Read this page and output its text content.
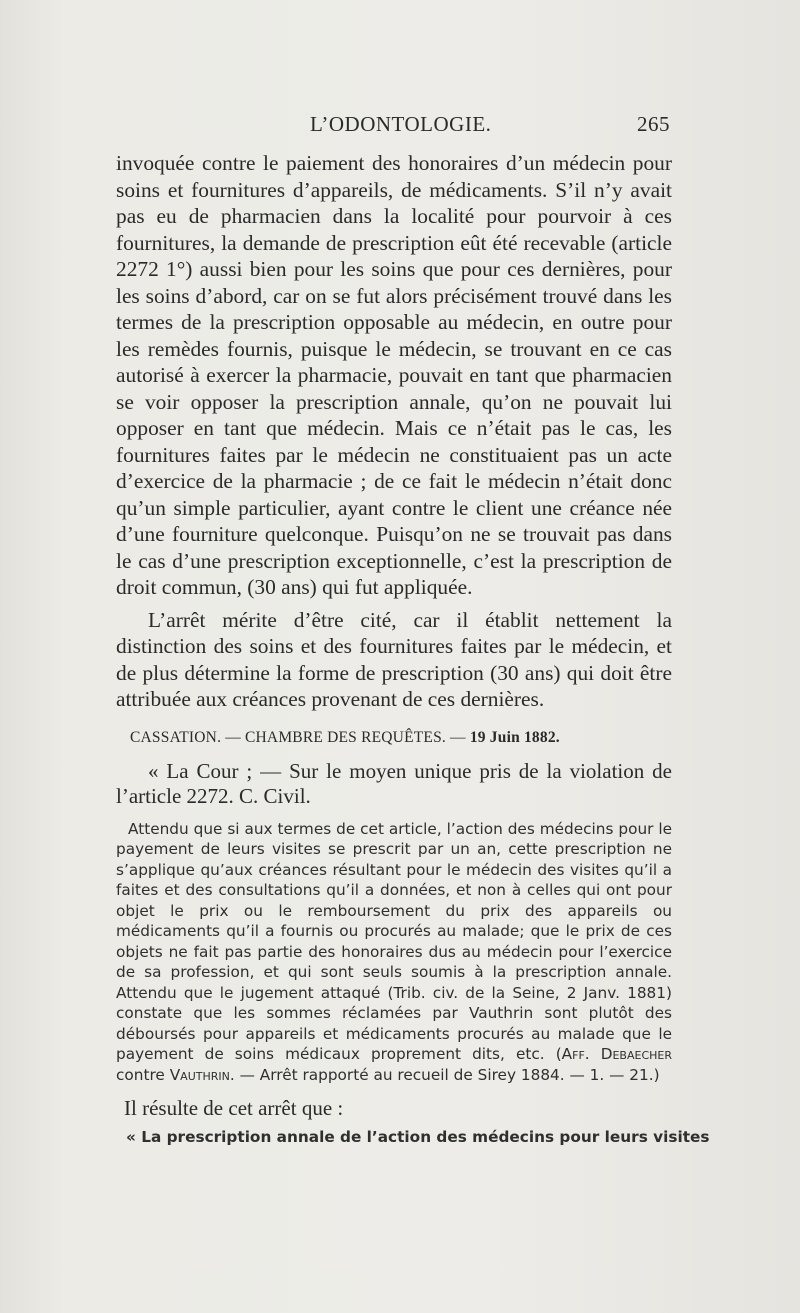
L’ODONTOLOGIE.	265

invoquée contre le paiement des honoraires d’un médecin pour soins et fournitures d’appareils, de médicaments. S’il n’y avait pas eu de pharmacien dans la localité pour pourvoir à ces fournitures, la demande de prescription eût été recevable (article 2272 1°) aussi bien pour les soins que pour ces dernières, pour les soins d’abord, car on se fut alors précisément trouvé dans les termes de la prescription opposable au médecin, en outre pour les remèdes fournis, puisque le médecin, se trouvant en ce cas autorisé à exercer la pharmacie, pouvait en tant que pharmacien se voir opposer la prescription annale, qu’on ne pouvait lui opposer en tant que médecin. Mais ce n’était pas le cas, les fournitures faites par le médecin ne constituaient pas un acte d’exercice de la pharmacie ; de ce fait le médecin n’était donc qu’un simple particulier, ayant contre le client une créance née d’une fourniture quelconque. Puisqu’on ne se trouvait pas dans le cas d’une prescription exceptionnelle, c’est la prescription de droit commun, (30 ans) qui fut appliquée.

L’arrêt mérite d’être cité, car il établit nettement la distinction des soins et des fournitures faites par le médecin, et de plus détermine la forme de prescription (30 ans) qui doit être attribuée aux créances provenant de ces dernières.

CASSATION. — CHAMBRE DES REQUÊTES. — 19 Juin 1882.

« La Cour ; — Sur le moyen unique pris de la violation de l’article 2272. C. Civil.

Attendu que si aux termes de cet article, l’action des médecins pour le payement de leurs visites se prescrit par un an, cette prescription ne s’applique qu’aux créances résultant pour le médecin des visites qu’il a faites et des consultations qu’il a données, et non à celles qui ont pour objet le prix ou le remboursement du prix des appareils ou médicaments qu’il a fournis ou procurés au malade; que le prix de ces objets ne fait pas partie des honoraires dus au médecin pour l’exercice de sa profession, et qui sont seuls soumis à la prescription annale. Attendu que le jugement attaqué (Trib. civ. de la Seine, 2 Janv. 1881) constate que les sommes réclamées par Vauthrin sont plutôt des déboursés pour appareils et médicaments procurés au malade que le payement de soins médicaux proprement dits, etc. (Aff. Debaecher contre Vauthrin. — Arrêt rapporté au recueil de Sirey 1884. — 1. — 21.)

Il résulte de cet arrêt que :

« La prescription annale de l’action des médecins pour leurs visites
